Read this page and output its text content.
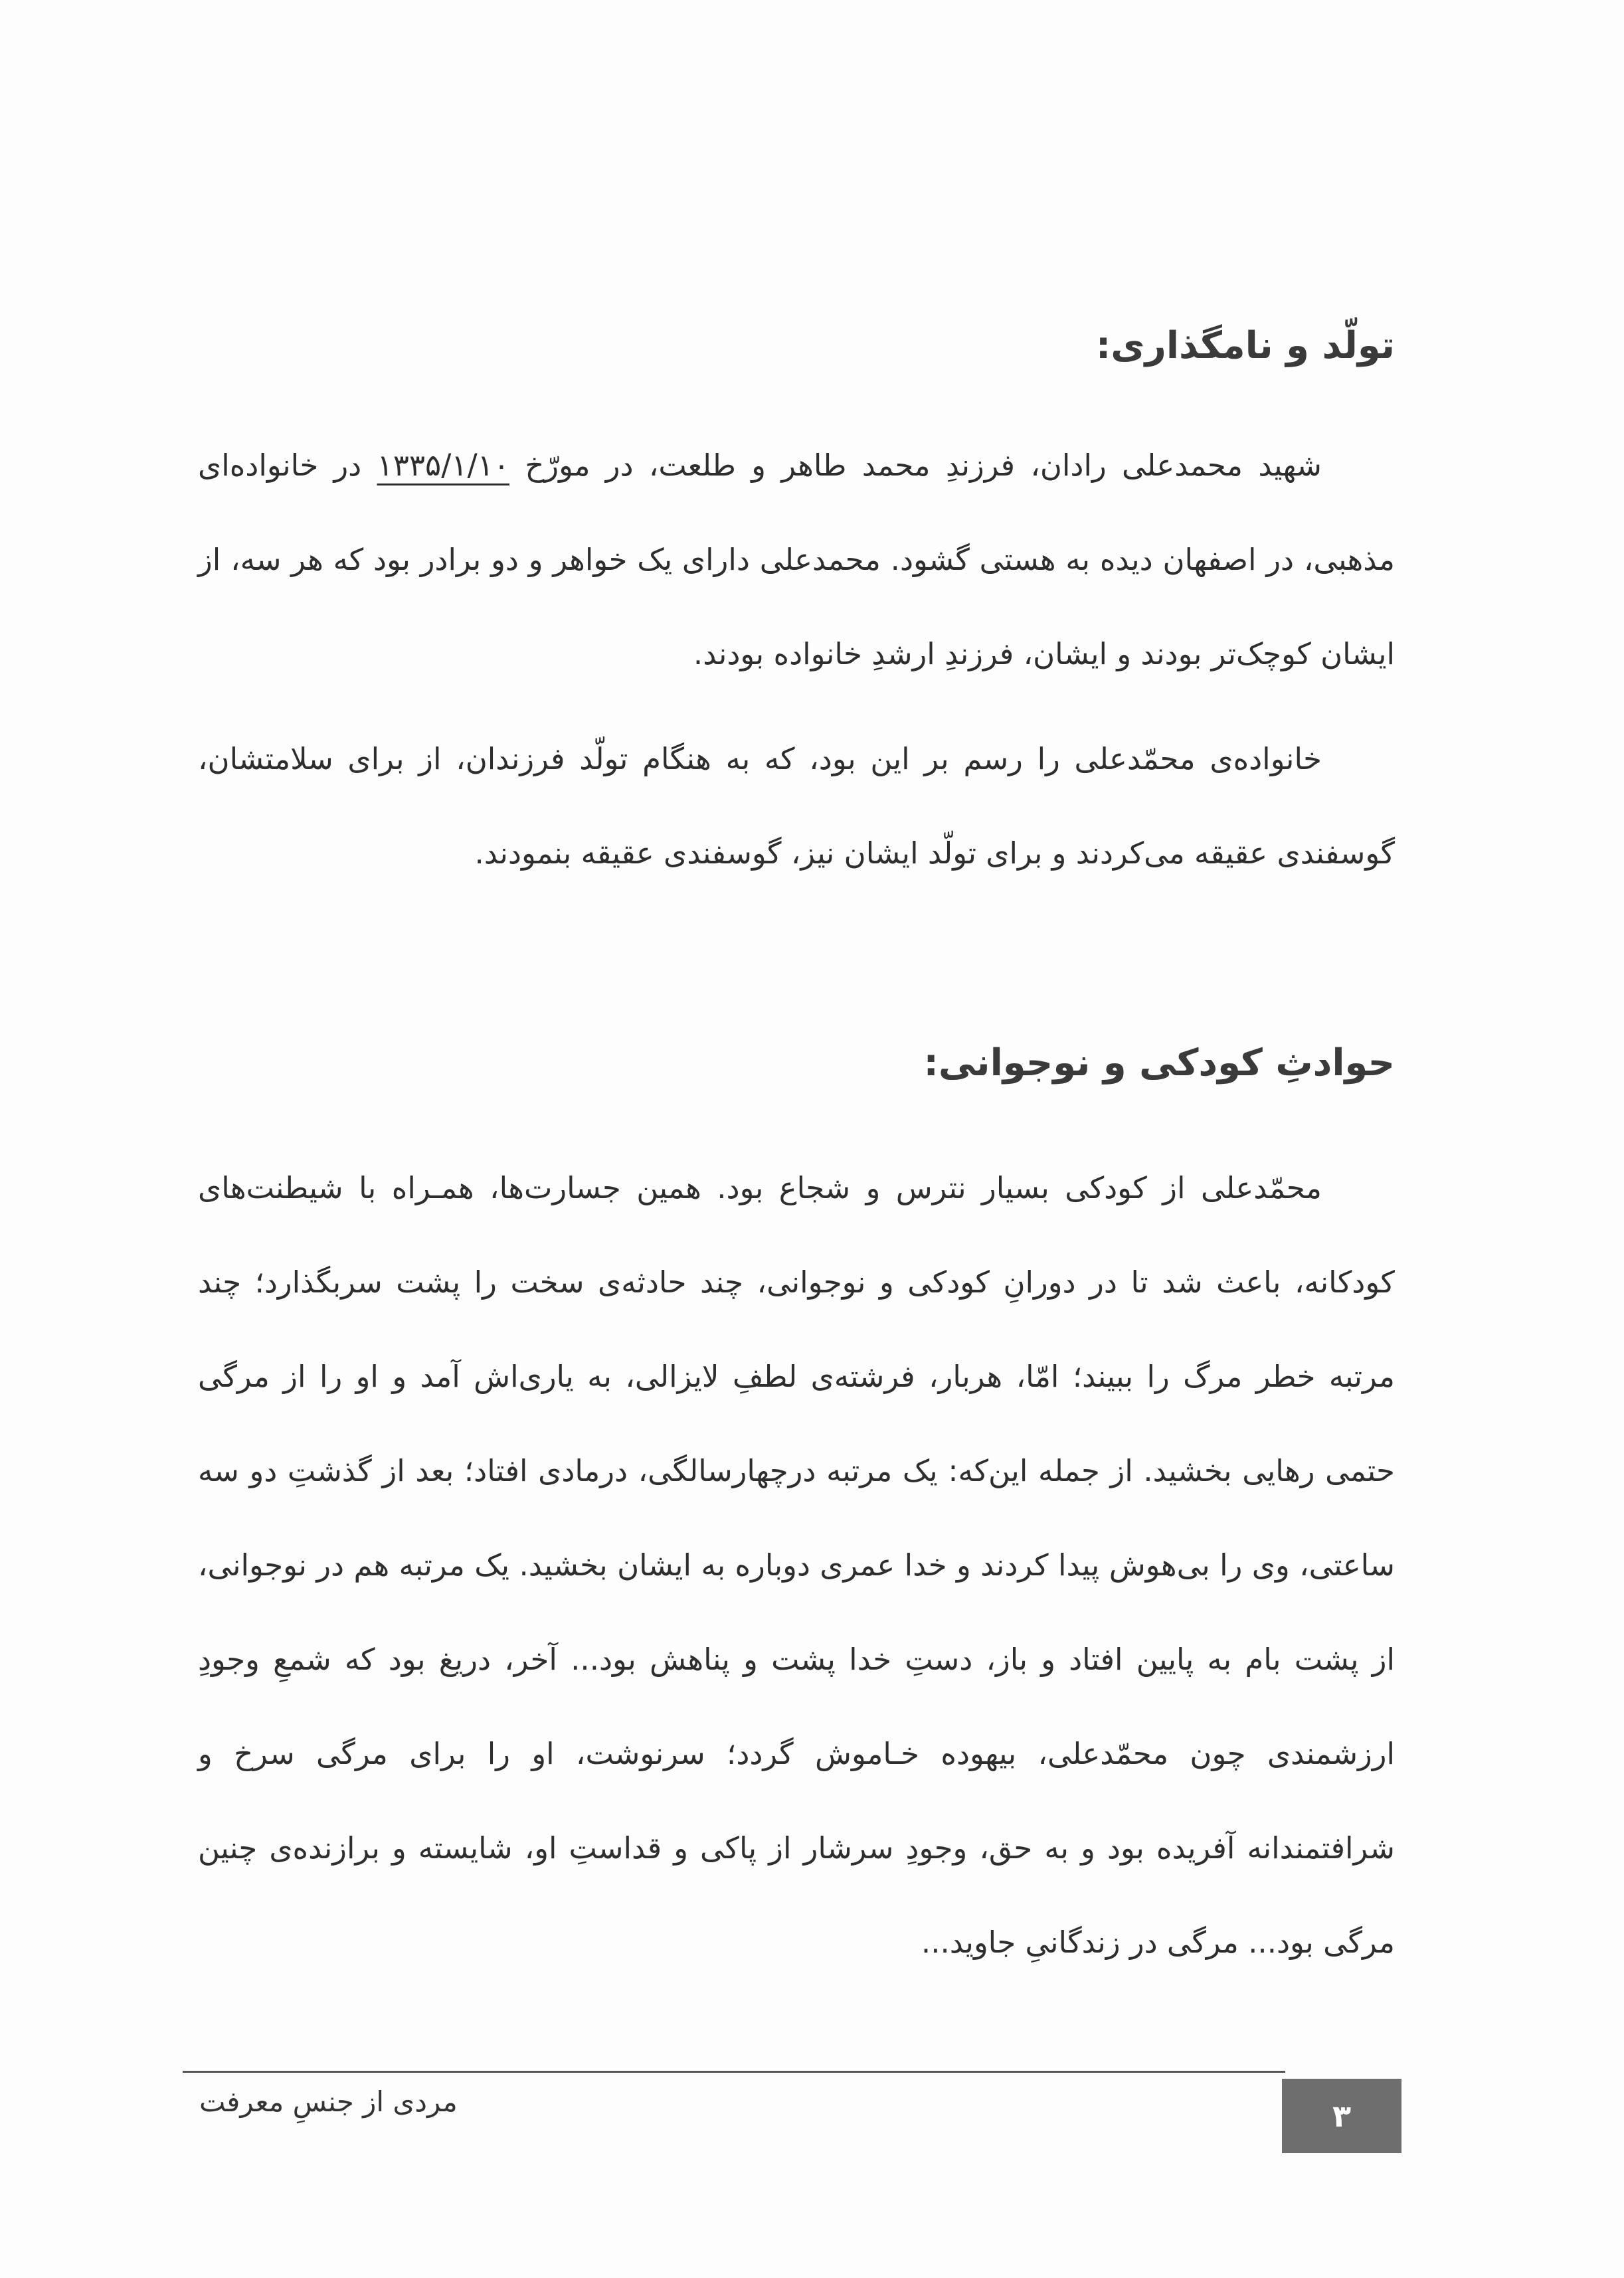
تولّد و نامگذاری:

شهید محمدعلی رادان، فرزندِ محمد طاهر و طلعت، در مورّخ ۱۳۳۵/۱/۱۰ در خانواده‌ای مذهبی، در اصفهان دیده به هستی گشود. محمدعلی دارای یک خواهر و دو برادر بود که هر سه، از ایشان کوچک‌تر بودند و ایشان، فرزندِ ارشدِ خانواده بودند.

خانواده‌ی محمّدعلی را رسم بر این بود، که به هنگام تولّد فرزندان، از برای سلامتشان، گوسفندی عقیقه می‌کردند و برای تولّد ایشان نیز، گوسفندی عقیقه بنمودند.

حوادثِ کودکی و نوجوانی:

محمّدعلی از کودکی بسیار نترس و شجاع بود. همین جسارت‌ها، همـراه با شیطنت‌های کودکانه، باعث شد تا در دورانِ کودکی و نوجوانی، چند حادثه‌ی سخت را پشت سربگذارد؛ چند مرتبه خطر مرگ را ببیند؛ امّا، هربار، فرشته‌ی لطفِ لایزالی، به یاری‌اش آمد و او را از مرگی حتمی رهایی بخشید. از جمله این‌که: یک مرتبه درچهارسالگی، درمادی افتاد؛ بعد از گذشتِ دو سه ساعتی، وی را بی‌هوش پیدا کردند و خدا عمری دوباره به ایشان بخشید. یک مرتبه هم در نوجوانی، از پشت بام به پایین افتاد و باز، دستِ خدا پشت و پناهش بود... آخر، دریغ بود که شمعِ وجودِ ارزشمندی چون محمّدعلی، بیهوده خـاموش گردد؛ سرنوشت، او را برای مرگی سرخ و شرافتمندانه آفریده بود و به حق، وجودِ سرشار از پاکی و قداستِ او، شایسته و برازنده‌ی چنین مرگی بود... مرگی در زندگانیِ جاوید...

مردی از جنسِ معرفت	۳
